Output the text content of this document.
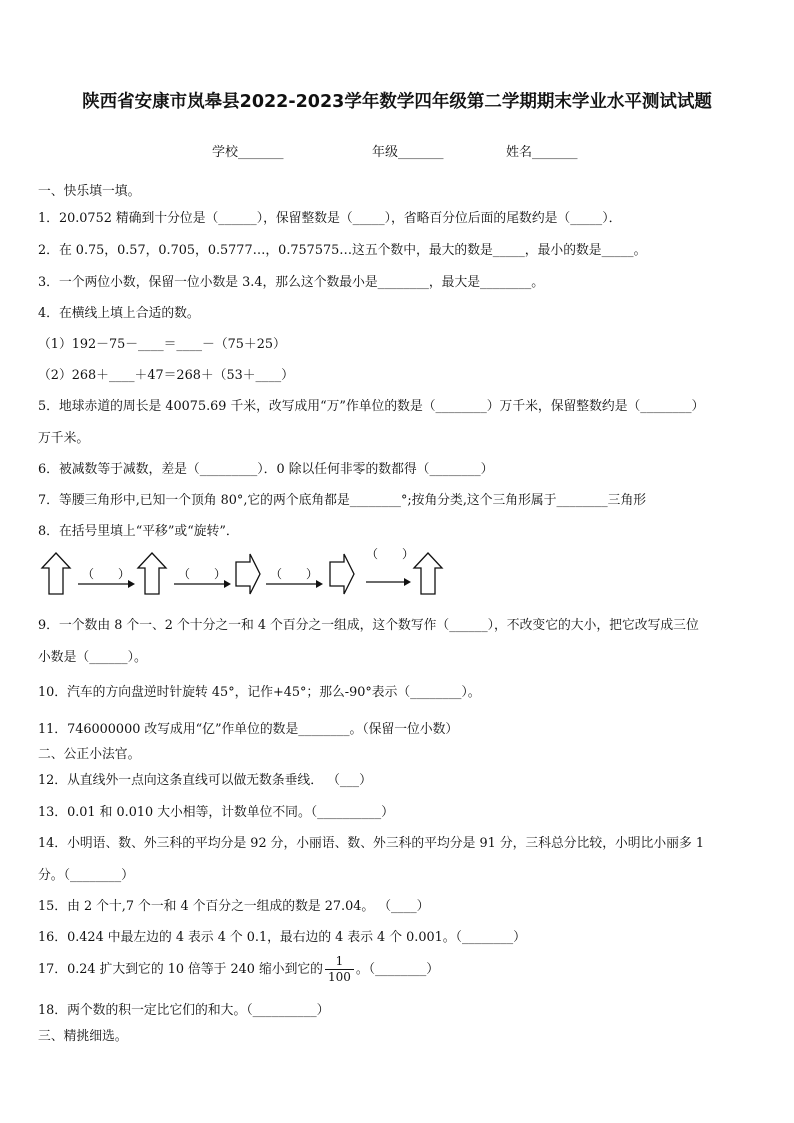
陕西省安康市岚皋县2022-2023学年数学四年级第二学期期末学业水平测试试题
学校_______	年级_______	姓名_______
一、快乐填一填。
1．20.0752 精确到十分位是（______），保留整数是（_____），省略百分位后面的尾数约是（_____）．
2．在 0.75，0.57，0.705，0.5777…，0.757575…这五个数中，最大的数是_____，最小的数是_____。
3．一个两位小数，保留一位小数是 3.4，那么这个数最小是________，最大是________。
4．在横线上填上合适的数。
（1）192－75－____＝____－（75＋25）
（2）268＋____＋47＝268＋（53＋____）
5．地球赤道的周长是 40075.69 千米，改写成用“万”作单位的数是（________）万千米，保留整数约是（________）
万千米。
6．被减数等于减数，差是（_________）．0 除以任何非零的数都得（________）
7．等腰三角形中,已知一个顶角 80°,它的两个底角都是________°;按角分类,这个三角形属于________三角形
8．在括号里填上“平移”或“旋转”．
（　　）	（　　）	（　　）
（　　）
9．一个数由 8 个一、2 个十分之一和 4 个百分之一组成，这个数写作（______），不改变它的大小，把它改写成三位
小数是（______）。
10．汽车的方向盘逆时针旋转 45°，记作+45°；那么-90°表示（________）。
11．746000000 改写成用“亿”作单位的数是________。（保留一位小数）
二、公正小法官。
12．从直线外一点向这条直线可以做无数条垂线． （___）
13．0.01 和 0.010 大小相等，计数单位不同。（__________）
14．小明语、数、外三科的平均分是 92 分，小丽语、数、外三科的平均分是 91 分，三科总分比较，小明比小丽多 1
分。（________）
15．由 2 个十,7 个一和 4 个百分之一组成的数是 27.04。 （____）
16．0.424 中最左边的 4 表示 4 个 0.1，最右边的 4 表示 4 个 0.001。（________）
17．0.24 扩大到它的 10 倍等于 240 缩小到它的 $\frac{1}{100}$ 。（________）
18．两个数的积一定比它们的和大。（__________）
三、精挑细选。
